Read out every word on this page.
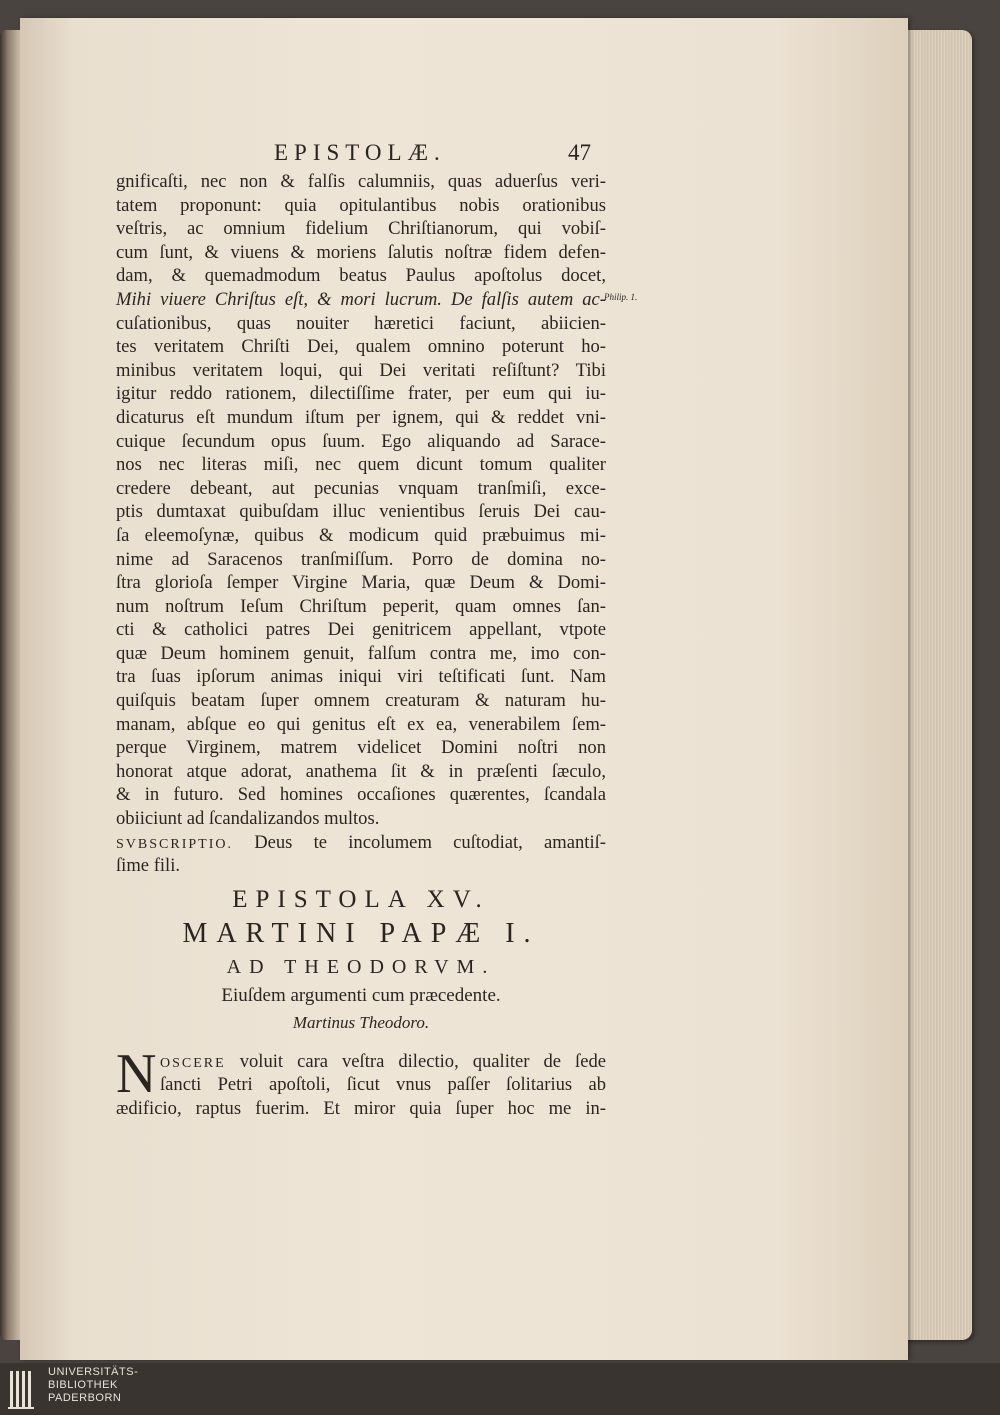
EPISTOLÆ.	47
gnificaſti, nec non & falſis calumniis, quas aduerſus veri-
tatem proponunt: quia opitulantibus nobis orationibus
veſtris, ac omnium fidelium Chriſtianorum, qui vobiſ-
cum ſunt, & viuens & moriens ſalutis noſtræ fidem defen-
dam, & quemadmodum beatus Paulus apoſtolus docet,
Mihi viuere Chriſtus eſt, & mori lucrum. De falſis autem ac-
cuſationibus, quas nouiter hæretici faciunt, abiicien-
tes veritatem Chriſti Dei, qualem omnino poterunt ho-
minibus veritatem loqui, qui Dei veritati reſiſtunt? Tibi
igitur reddo rationem, dilectiſſime frater, per eum qui iu-
dicaturus eſt mundum iſtum per ignem, qui & reddet vni-
cuique ſecundum opus ſuum. Ego aliquando ad Sarace-
nos nec literas miſi, nec quem dicunt tomum qualiter
credere debeant, aut pecunias vnquam tranſmiſi, exce-
ptis dumtaxat quibuſdam illuc venientibus ſeruis Dei cau-
ſa eleemoſynæ, quibus & modicum quid præbuimus mi-
nime ad Saracenos tranſmiſſum. Porro de domina no-
ſtra glorioſa ſemper Virgine Maria, quæ Deum & Domi-
num noſtrum Ieſum Chriſtum peperit, quam omnes ſan-
cti & catholici patres Dei genitricem appellant, vtpote
quæ Deum hominem genuit, falſum contra me, imo con-
tra ſuas ipſorum animas iniqui viri teſtificati ſunt. Nam
quiſquis beatam ſuper omnem creaturam & naturam hu-
manam, abſque eo qui genitus eſt ex ea, venerabilem ſem-
perque Virginem, matrem videlicet Domini noſtri non
honorat atque adorat, anathema ſit & in præſenti ſæculo,
& in futuro. Sed homines occaſiones quærentes, ſcandala
obiiciunt ad ſcandalizandos multos.
SVBSCRIPTIO. Deus te incolumem cuſtodiat, amantiſ-
ſime fili.
EPISTOLA XV.
MARTINI PAPÆ I.
AD THEODORVM.
Eiuſdem argumenti cum præcedente.
Martinus Theodoro.
N OSCERE voluit cara veſtra dilectio, qualiter de ſede
ſancti Petri apoſtoli, ſicut vnus paſſer ſolitarius ab
ædificio, raptus fuerim. Et miror quia ſuper hoc me in-
Philip. 1.
UNIVERSITÄTS-
BIBLIOTHEK
PADERBORN
